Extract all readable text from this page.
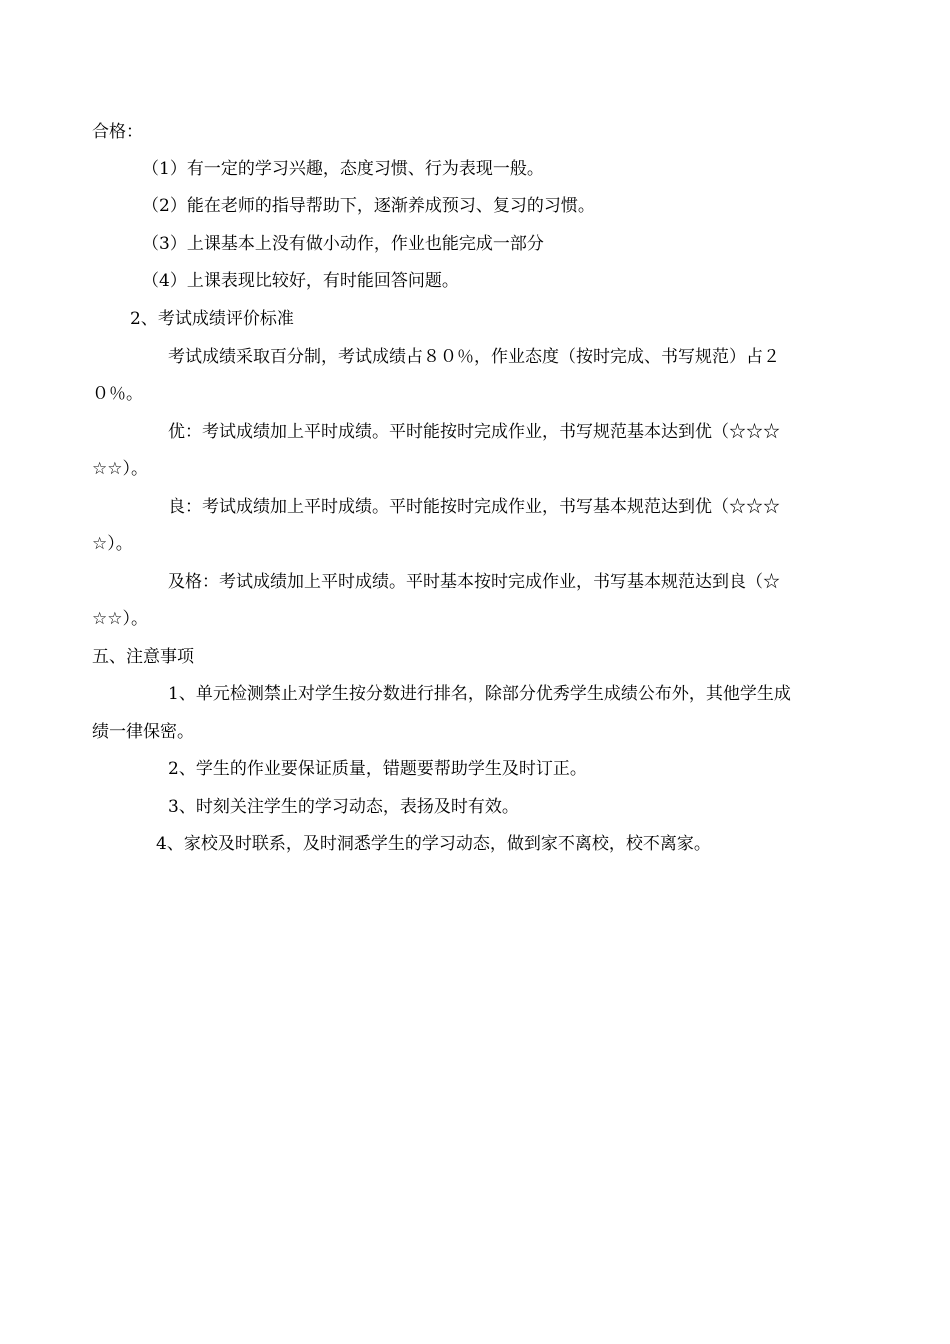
合格：
（1）有一定的学习兴趣，态度习惯、行为表现一般。
（2）能在老师的指导帮助下，逐渐养成预习、复习的习惯。
（3）上课基本上没有做小动作，作业也能完成一部分
（4）上课表现比较好，有时能回答问题。
2、考试成绩评价标准
考试成绩采取百分制，考试成绩占８０％，作业态度（按时完成、书写规范）占２
０％。
优：考试成绩加上平时成绩。平时能按时完成作业，书写规范基本达到优（☆☆☆
☆☆）。
良：考试成绩加上平时成绩。平时能按时完成作业，书写基本规范达到优（☆☆☆
☆）。
及格：考试成绩加上平时成绩。平时基本按时完成作业，书写基本规范达到良（☆
☆☆）。
五、注意事项
1、单元检测禁止对学生按分数进行排名，除部分优秀学生成绩公布外，其他学生成
绩一律保密。
2、学生的作业要保证质量，错题要帮助学生及时订正。
3、时刻关注学生的学习动态，表扬及时有效。
4、家校及时联系，及时洞悉学生的学习动态，做到家不离校，校不离家。
